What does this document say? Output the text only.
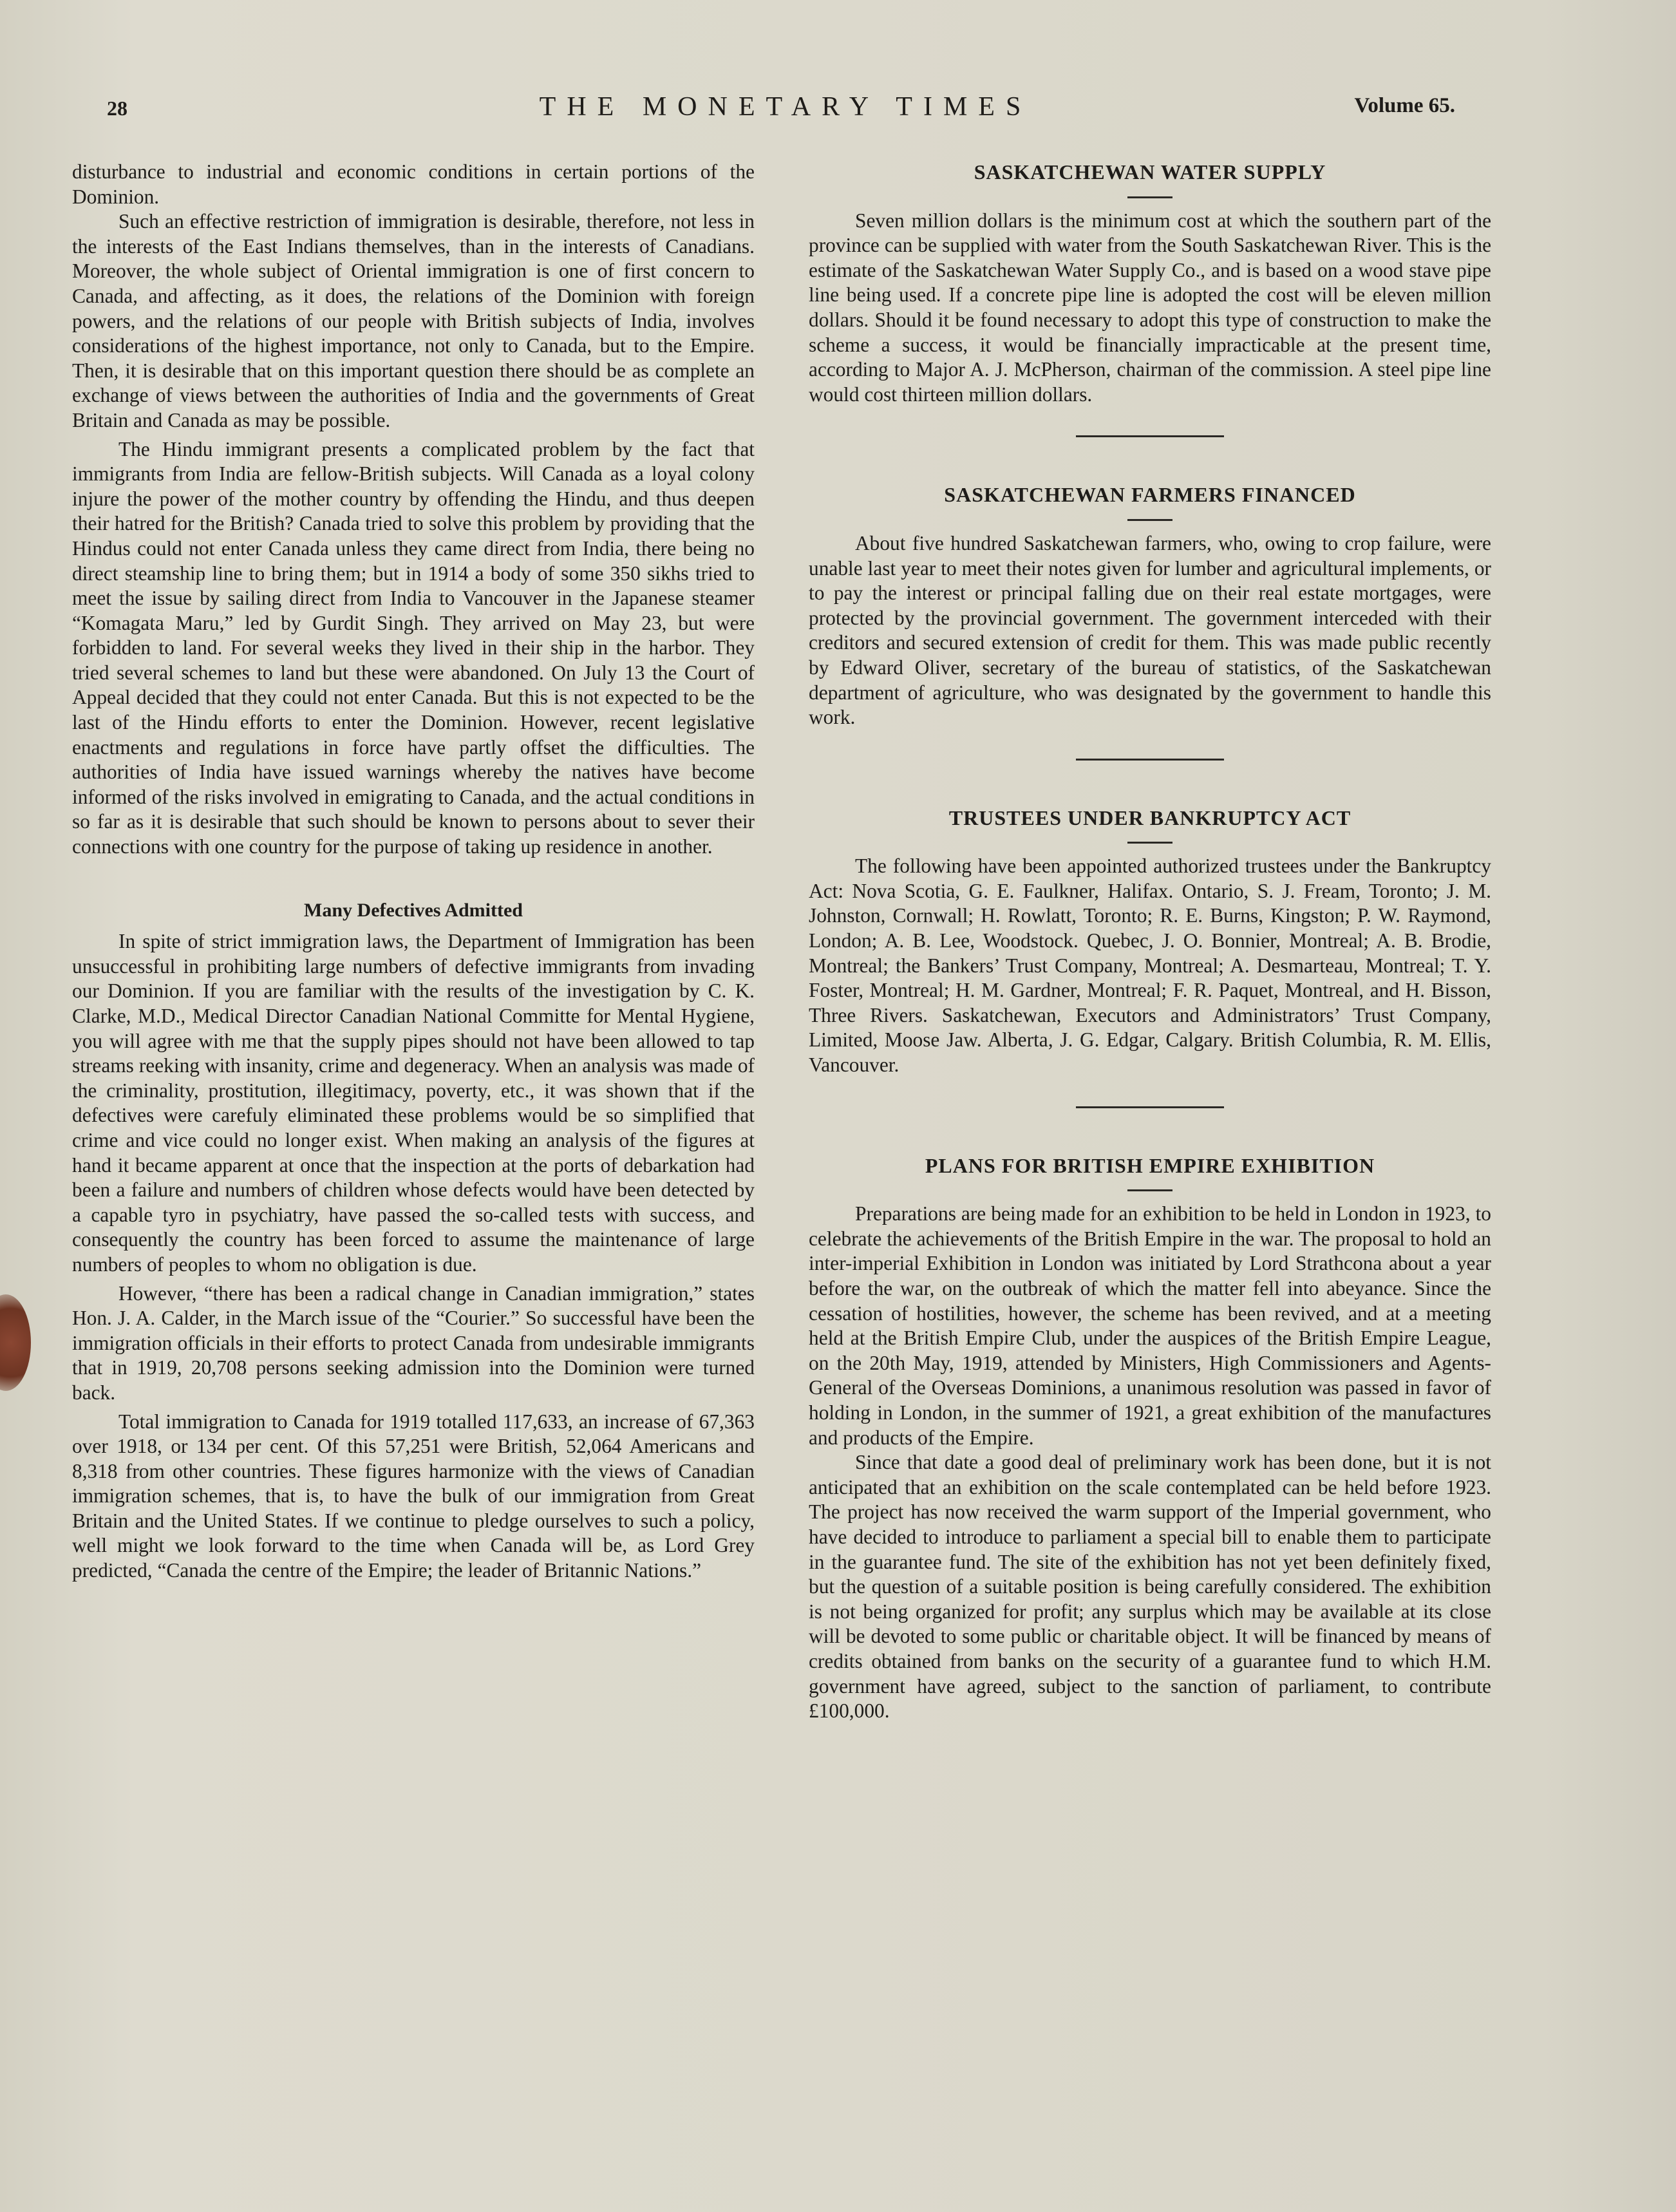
28	THE MONETARY TIMES	Volume 65.

disturbance to industrial and economic conditions in certain portions of the Dominion.

Such an effective restriction of immigration is desirable, therefore, not less in the interests of the East Indians themselves, than in the interests of Canadians. Moreover, the whole subject of Oriental immigration is one of first concern to Canada, and affecting, as it does, the relations of the Dominion with foreign powers, and the relations of our people with British subjects of India, involves considerations of the highest importance, not only to Canada, but to the Empire. Then, it is desirable that on this important question there should be as complete an exchange of views between the authorities of India and the governments of Great Britain and Canada as may be possible.

The Hindu immigrant presents a complicated problem by the fact that immigrants from India are fellow-British subjects. Will Canada as a loyal colony injure the power of the mother country by offending the Hindu, and thus deepen their hatred for the British? Canada tried to solve this problem by providing that the Hindus could not enter Canada unless they came direct from India, there being no direct steamship line to bring them; but in 1914 a body of some 350 sikhs tried to meet the issue by sailing direct from India to Vancouver in the Japanese steamer “Komagata Maru,” led by Gurdit Singh. They arrived on May 23, but were forbidden to land. For several weeks they lived in their ship in the harbor. They tried several schemes to land but these were abandoned. On July 13 the Court of Appeal decided that they could not enter Canada. But this is not expected to be the last of the Hindu efforts to enter the Dominion. However, recent legislative enactments and regulations in force have partly offset the difficulties. The authorities of India have issued warnings whereby the natives have become informed of the risks involved in emigrating to Canada, and the actual conditions in so far as it is desirable that such should be known to persons about to sever their connections with one country for the purpose of taking up residence in another.

Many Defectives Admitted

In spite of strict immigration laws, the Department of Immigration has been unsuccessful in prohibiting large numbers of defective immigrants from invading our Dominion. If you are familiar with the results of the investigation by C. K. Clarke, M.D., Medical Director Canadian National Committe for Mental Hygiene, you will agree with me that the supply pipes should not have been allowed to tap streams reeking with insanity, crime and degeneracy. When an analysis was made of the criminality, prostitution, illegitimacy, poverty, etc., it was shown that if the defectives were carefuly eliminated these problems would be so simplified that crime and vice could no longer exist. When making an analysis of the figures at hand it became apparent at once that the inspection at the ports of debarkation had been a failure and numbers of children whose defects would have been detected by a capable tyro in psychiatry, have passed the so-called tests with success, and consequently the country has been forced to assume the maintenance of large numbers of peoples to whom no obligation is due.

However, “there has been a radical change in Canadian immigration,” states Hon. J. A. Calder, in the March issue of the “Courier.” So successful have been the immigration officials in their efforts to protect Canada from undesirable immigrants that in 1919, 20,708 persons seeking admission into the Dominion were turned back.

Total immigration to Canada for 1919 totalled 117,633, an increase of 67,363 over 1918, or 134 per cent. Of this 57,251 were British, 52,064 Americans and 8,318 from other countries. These figures harmonize with the views of Canadian immigration schemes, that is, to have the bulk of our immigration from Great Britain and the United States. If we continue to pledge ourselves to such a policy, well might we look forward to the time when Canada will be, as Lord Grey predicted, “Canada the centre of the Empire; the leader of Britannic Nations.”

SASKATCHEWAN WATER SUPPLY

Seven million dollars is the minimum cost at which the southern part of the province can be supplied with water from the South Saskatchewan River. This is the estimate of the Saskatchewan Water Supply Co., and is based on a wood stave pipe line being used. If a concrete pipe line is adopted the cost will be eleven million dollars. Should it be found necessary to adopt this type of construction to make the scheme a success, it would be financially impracticable at the present time, according to Major A. J. McPherson, chairman of the commission. A steel pipe line would cost thirteen million dollars.

SASKATCHEWAN FARMERS FINANCED

About five hundred Saskatchewan farmers, who, owing to crop failure, were unable last year to meet their notes given for lumber and agricultural implements, or to pay the interest or principal falling due on their real estate mortgages, were protected by the provincial government. The government interceded with their creditors and secured extension of credit for them. This was made public recently by Edward Oliver, secretary of the bureau of statistics, of the Saskatchewan department of agriculture, who was designated by the government to handle this work.

TRUSTEES UNDER BANKRUPTCY ACT

The following have been appointed authorized trustees under the Bankruptcy Act: Nova Scotia, G. E. Faulkner, Halifax. Ontario, S. J. Fream, Toronto; J. M. Johnston, Cornwall; H. Rowlatt, Toronto; R. E. Burns, Kingston; P. W. Raymond, London; A. B. Lee, Woodstock. Quebec, J. O. Bonnier, Montreal; A. B. Brodie, Montreal; the Bankers’ Trust Company, Montreal; A. Desmarteau, Montreal; T. Y. Foster, Montreal; H. M. Gardner, Montreal; F. R. Paquet, Montreal, and H. Bisson, Three Rivers. Saskatchewan, Executors and Administrators’ Trust Company, Limited, Moose Jaw. Alberta, J. G. Edgar, Calgary. British Columbia, R. M. Ellis, Vancouver.

PLANS FOR BRITISH EMPIRE EXHIBITION

Preparations are being made for an exhibition to be held in London in 1923, to celebrate the achievements of the British Empire in the war. The proposal to hold an inter-imperial Exhibition in London was initiated by Lord Strathcona about a year before the war, on the outbreak of which the matter fell into abeyance. Since the cessation of hostilities, however, the scheme has been revived, and at a meeting held at the British Empire Club, under the auspices of the British Empire League, on the 20th May, 1919, attended by Ministers, High Commissioners and Agents-General of the Overseas Dominions, a unanimous resolution was passed in favor of holding in London, in the summer of 1921, a great exhibition of the manufactures and products of the Empire.

Since that date a good deal of preliminary work has been done, but it is not anticipated that an exhibition on the scale contemplated can be held before 1923. The project has now received the warm support of the Imperial government, who have decided to introduce to parliament a special bill to enable them to participate in the guarantee fund. The site of the exhibition has not yet been definitely fixed, but the question of a suitable position is being carefully considered. The exhibition is not being organized for profit; any surplus which may be available at its close will be devoted to some public or charitable object. It will be financed by means of credits obtained from banks on the security of a guarantee fund to which H.M. government have agreed, subject to the sanction of parliament, to contribute £100,000.
